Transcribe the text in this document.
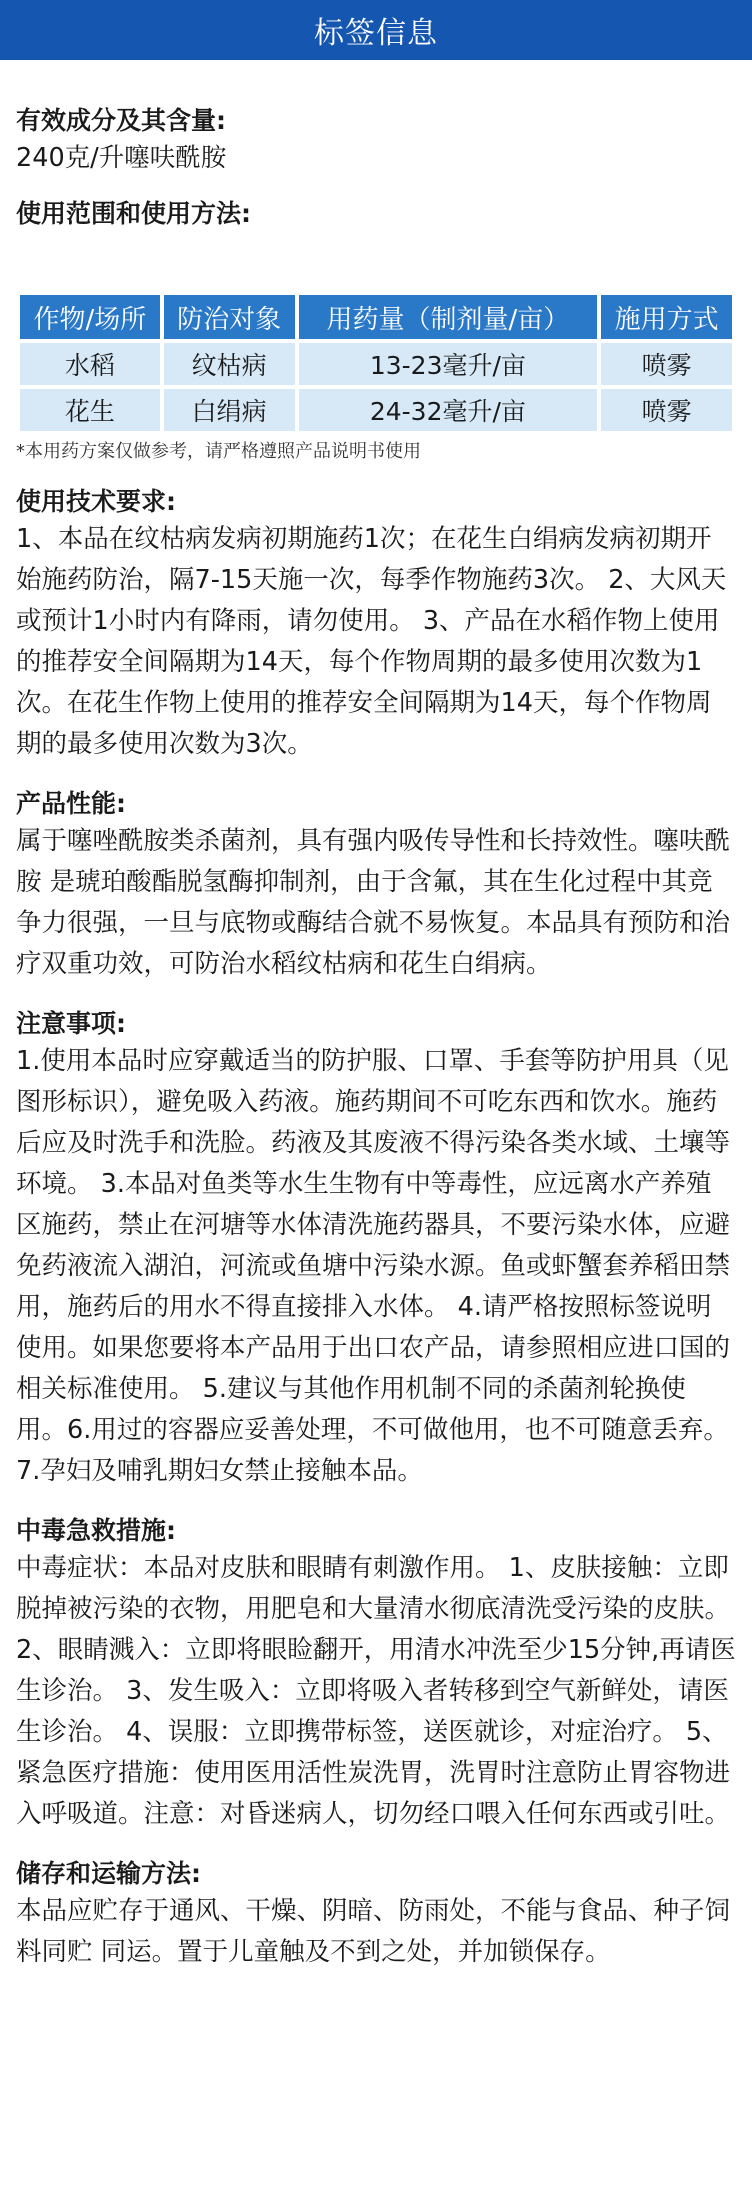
标签信息

有效成分及其含量:

240克/升噻呋酰胺

使用范围和使用方法:

作物/场所	防治对象	用药量（制剂量/亩）	施用方式
水稻	纹枯病	13-23毫升/亩	喷雾
花生	白绢病	24-32毫升/亩	喷雾

*本用药方案仅做参考，请严格遵照产品说明书使用

使用技术要求:

1、本品在纹枯病发病初期施药1次；在花生白绢病发病初期开始施药防治，隔7-15天施一次，每季作物施药3次。 2、大风天或预计1小时内有降雨，请勿使用。 3、产品在水稻作物上使用的推荐安全间隔期为14天，每个作物周期的最多使用次数为1次。在花生作物上使用的推荐安全间隔期为14天，每个作物周期的最多使用次数为3次。

产品性能:

属于噻唑酰胺类杀菌剂，具有强内吸传导性和长持效性。噻呋酰胺 是琥珀酸酯脱氢酶抑制剂，由于含氟，其在生化过程中其竞争力很强，一旦与底物或酶结合就不易恢复。本品具有预防和治疗双重功效，可防治水稻纹枯病和花生白绢病。

注意事项:

1.使用本品时应穿戴适当的防护服、口罩、手套等防护用具（见图形标识），避免吸入药液。施药期间不可吃东西和饮水。施药后应及时洗手和洗脸。药液及其废液不得污染各类水域、土壤等环境。 3.本品对鱼类等水生生物有中等毒性，应远离水产养殖区施药，禁止在河塘等水体清洗施药器具，不要污染水体，应避免药液流入湖泊，河流或鱼塘中污染水源。鱼或虾蟹套养稻田禁用，施药后的用水不得直接排入水体。 4.请严格按照标签说明使用。如果您要将本产品用于出口农产品，请参照相应进口国的相关标准使用。 5.建议与其他作用机制不同的杀菌剂轮换使用。6.用过的容器应妥善处理，不可做他用，也不可随意丢弃。 7.孕妇及哺乳期妇女禁止接触本品。

中毒急救措施:

中毒症状：本品对皮肤和眼睛有刺激作用。 1、皮肤接触：立即脱掉被污染的衣物，用肥皂和大量清水彻底清洗受污染的皮肤。 2、眼睛溅入：立即将眼睑翻开，用清水冲洗至少15分钟,再请医生诊治。 3、发生吸入：立即将吸入者转移到空气新鲜处，请医生诊治。 4、误服：立即携带标签，送医就诊，对症治疗。 5、紧急医疗措施：使用医用活性炭洗胃，洗胃时注意防止胃容物进入呼吸道。注意：对昏迷病人，切勿经口喂入任何东西或引吐。

储存和运输方法:

本品应贮存于通风、干燥、阴暗、防雨处，不能与食品、种子饲料同贮 同运。置于儿童触及不到之处，并加锁保存。
